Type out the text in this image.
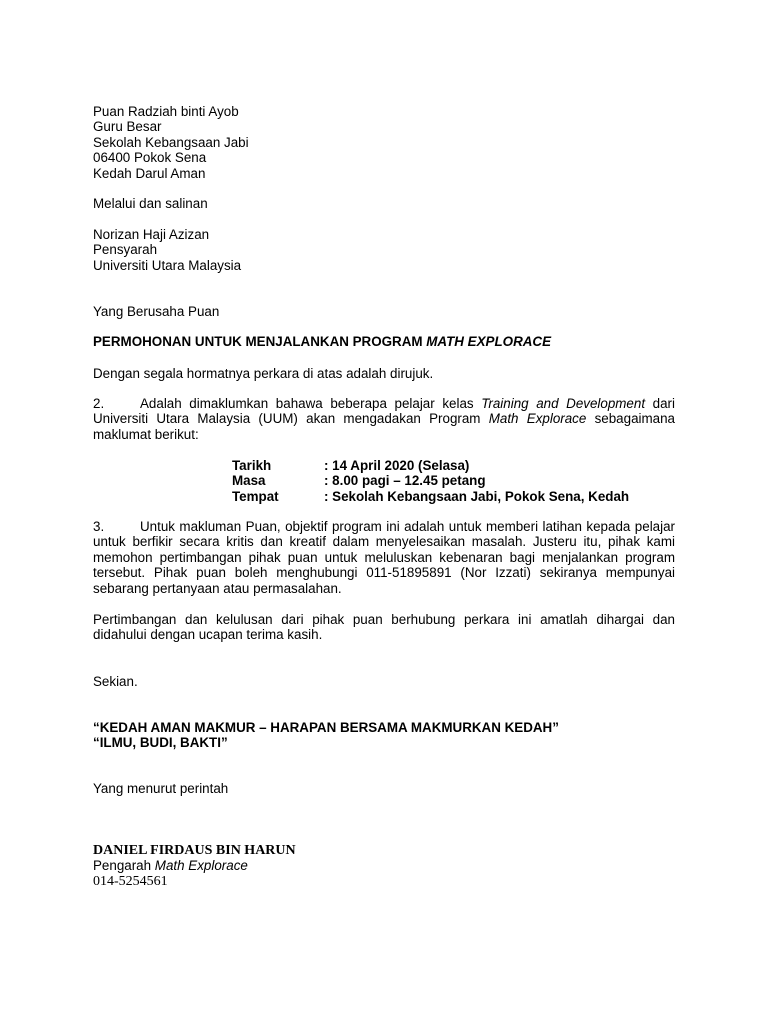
Puan Radziah binti Ayob

Guru Besar

Sekolah Kebangsaan Jabi

06400 Pokok Sena

Kedah Darul Aman

Melalui dan salinan

Norizan Haji Azizan

Pensyarah

Universiti Utara Malaysia

Yang Berusaha Puan
PERMOHONAN UNTUK MENJALANKAN PROGRAM MATH EXPLORACE
Dengan segala hormatnya perkara di atas adalah dirujuk.
2.	Adalah dimaklumkan bahawa beberapa pelajar kelas Training and Development dari Universiti Utara Malaysia (UUM) akan mengadakan Program Math Explorace sebagaimana maklumat berikut:
Tarikh	: 14 April 2020 (Selasa)
Masa	: 8.00 pagi – 12.45 petang
Tempat	: Sekolah Kebangsaan Jabi, Pokok Sena, Kedah
3.	Untuk makluman Puan, objektif program ini adalah untuk memberi latihan kepada pelajar untuk berfikir secara kritis dan kreatif dalam menyelesaikan masalah. Justeru itu, pihak kami memohon pertimbangan pihak puan untuk meluluskan kebenaran bagi menjalankan program tersebut. Pihak puan boleh menghubungi 011-51895891 (Nor Izzati) sekiranya mempunyai sebarang pertanyaan atau permasalahan.
Pertimbangan dan kelulusan dari pihak puan berhubung perkara ini amatlah dihargai dan didahului dengan ucapan terima kasih.
Sekian.

“KEDAH AMAN MAKMUR – HARAPAN BERSAMA MAKMURKAN KEDAH”

“ILMU, BUDI, BAKTI”

Yang menurut perintah

DANIEL FIRDAUS BIN HARUN

Pengarah Math Explorace

014-5254561
